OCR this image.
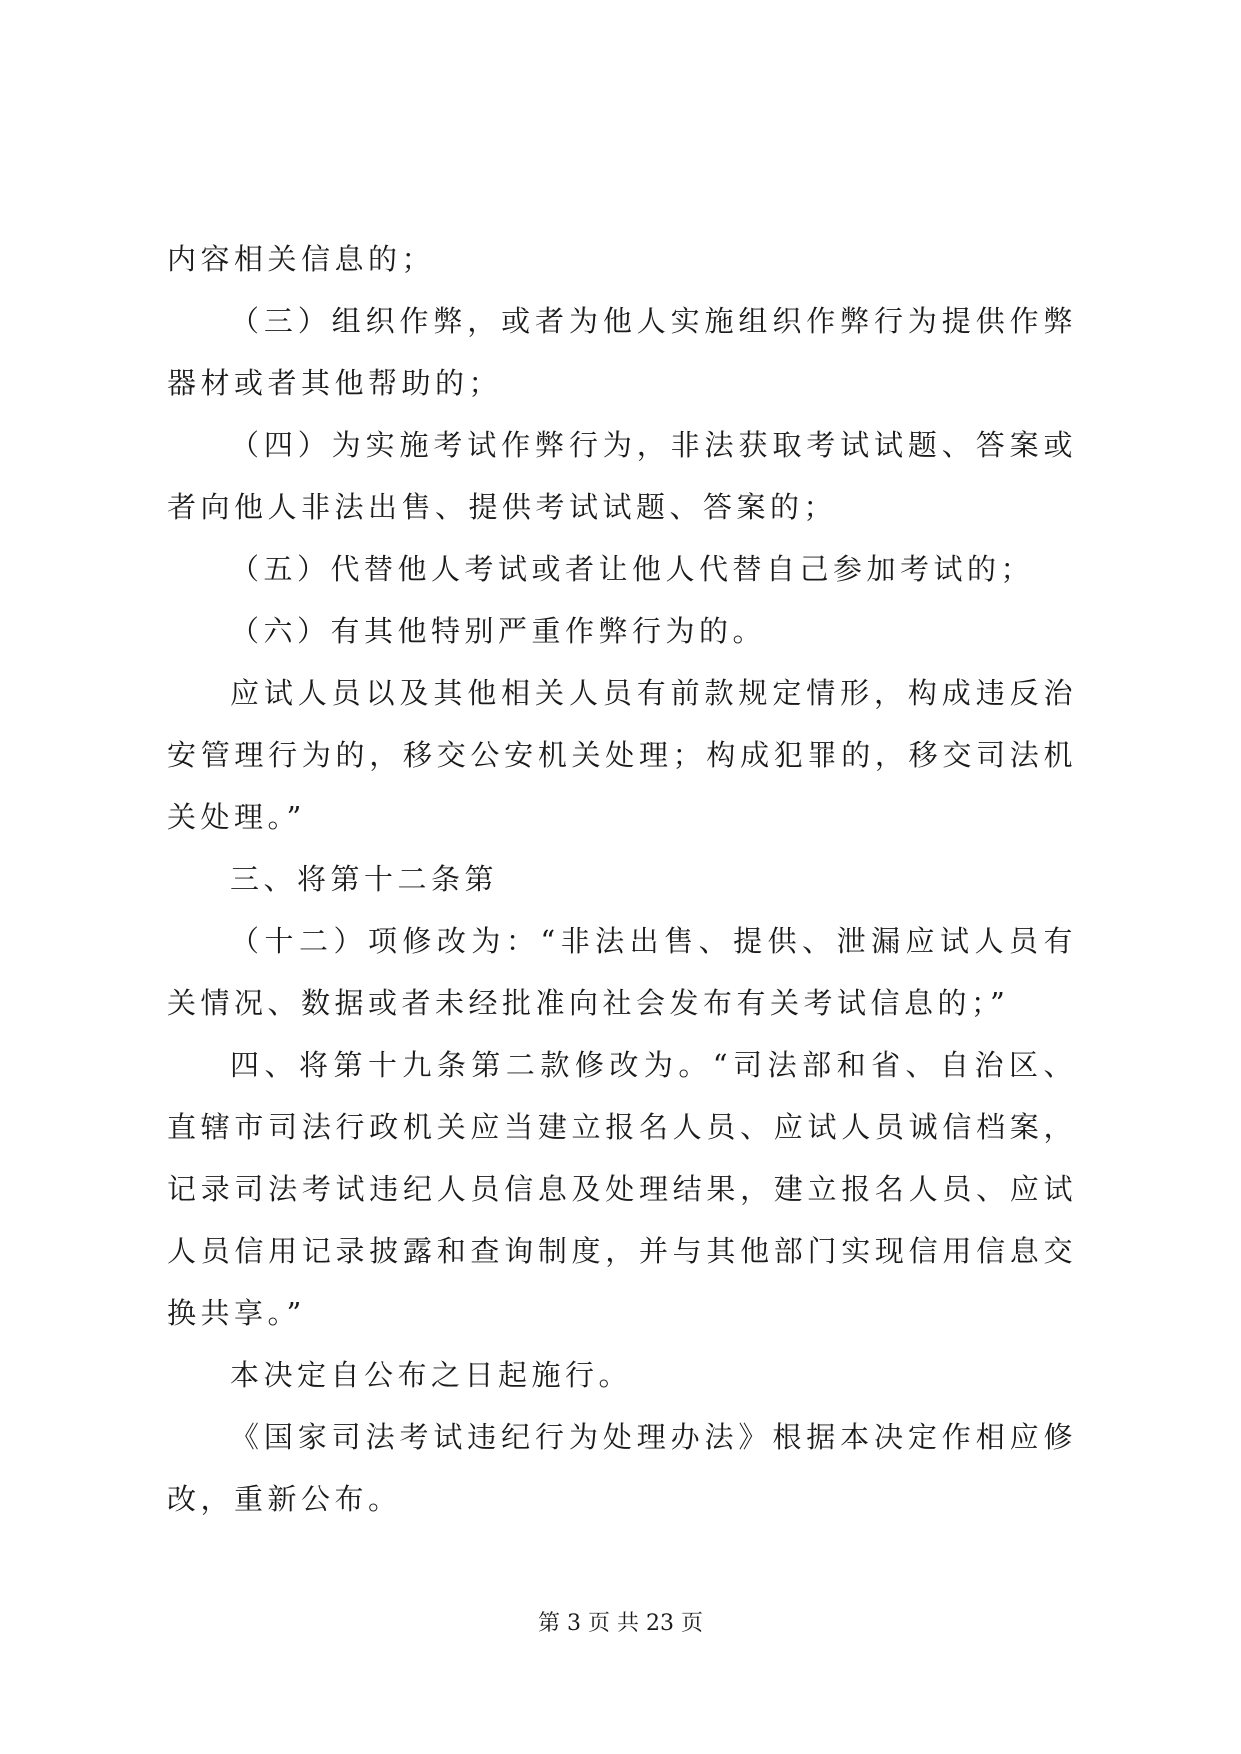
内容相关信息的；

（三）组织作弊，或者为他人实施组织作弊行为提供作弊器材或者其他帮助的；

（四）为实施考试作弊行为，非法获取考试试题、答案或者向他人非法出售、提供考试试题、答案的；

（五）代替他人考试或者让他人代替自己参加考试的；

（六）有其他特别严重作弊行为的。

应试人员以及其他相关人员有前款规定情形，构成违反治安管理行为的，移交公安机关处理；构成犯罪的，移交司法机关处理。”

三、将第十二条第

（十二）项修改为：“非法出售、提供、泄漏应试人员有关情况、数据或者未经批准向社会发布有关考试信息的；”

四、将第十九条第二款修改为。“司法部和省、自治区、直辖市司法行政机关应当建立报名人员、应试人员诚信档案，记录司法考试违纪人员信息及处理结果，建立报名人员、应试人员信用记录披露和查询制度，并与其他部门实现信用信息交换共享。”

本决定自公布之日起施行。

《国家司法考试违纪行为处理办法》根据本决定作相应修改，重新公布。

第 3 页 共 23 页
